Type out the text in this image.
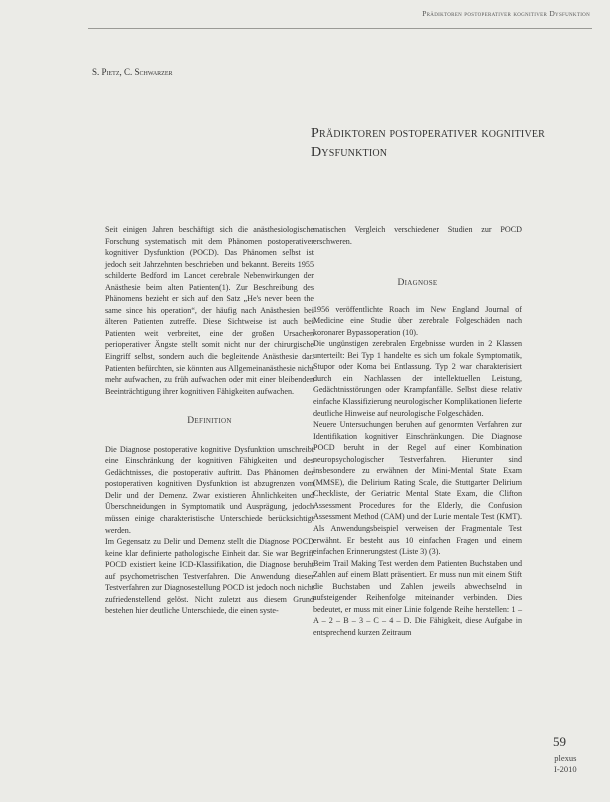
Prädiktoren postoperativer kognitiver Dysfunktion
S. Pietz, C. Schwarzer
Prädiktoren postoperativer kognitiver Dysfunktion

Seit einigen Jahren beschäftigt sich die anästhesiologische Forschung systematisch mit dem Phänomen postoperativer kognitiver Dysfunktion (POCD). Das Phänomen selbst ist jedoch seit Jahrzehnten beschrieben und bekannt. Bereits 1955 schilderte Bedford im Lancet cerebrale Nebenwirkungen der Anästhesie beim alten Patienten(1). Zur Beschreibung des Phänomens bezieht er sich auf den Satz „He's never been the same since his operation“, der häufig nach Anästhesien bei älteren Patienten zutreffe. Diese Sichtweise ist auch bei Patienten weit verbreitet, eine der großen Ursachen perioperativer Ängste stellt somit nicht nur der chirurgische Eingriff selbst, sondern auch die begleitende Anästhesie dar. Patienten befürchten, sie könnten aus Allgemeinanästhesie nicht mehr aufwachen, zu früh aufwachen oder mit einer bleibenden Beeinträchtigung ihrer kognitiven Fähigkeiten aufwachen.

Definition

Die Diagnose postoperative kognitive Dysfunktion umschreibt eine Einschränkung der kognitiven Fähigkeiten und des Gedächtnisses, die postoperativ auftritt. Das Phänomen der postoperativen kognitiven Dysfunktion ist abzugrenzen vom Delir und der Demenz. Zwar existieren Ähnlichkeiten und Überschneidungen in Symptomatik und Ausprägung, jedoch müssen einige charakteristische Unterschiede berücksichtigt werden.

Im Gegensatz zu Delir und Demenz stellt die Diagnose POCD keine klar definierte pathologische Einheit dar. Sie war Begriff POCD existiert keine ICD-Klassifikation, die Diagnose beruht auf psychometrischen Testverfahren. Die Anwendung dieser Testverfahren zur Diagnosestellung POCD ist jedoch noch nicht zufriedenstellend gelöst. Nicht zuletzt aus diesem Grund bestehen hier deutliche Unterschiede, die einen syste-

matischen Vergleich verschiedener Studien zur POCD erschweren.

Diagnose

1956 veröffentlichte Roach im New England Journal of Medicine eine Studie über zerebrale Folgeschäden nach koronarer Bypassoperation (10).

Die ungünstigen zerebralen Ergebnisse wurden in 2 Klassen unterteilt: Bei Typ 1 handelte es sich um fokale Symptomatik, Stupor oder Koma bei Entlassung. Typ 2 war charakterisiert durch ein Nachlassen der intellektuellen Leistung, Gedächtnisstörungen oder Krampfanfälle. Selbst diese relativ einfache Klassifizierung neurologischer Komplikationen lieferte deutliche Hinweise auf neurologische Folgeschäden.

Neuere Untersuchungen beruhen auf genormten Verfahren zur Identifikation kognitiver Einschränkungen. Die Diagnose POCD beruht in der Regel auf einer Kombination neuropsychologischer Testverfahren. Hierunter sind insbesondere zu erwähnen der Mini-Mental State Exam (MMSE), die Delirium Rating Scale, die Stuttgarter Delirium Checkliste, der Geriatric Mental State Exam, die Clifton Assessment Procedures for the Elderly, die Confusion Assessment Method (CAM) und der Lurie mentale Test (KMT). Als Anwendungsbeispiel verweisen der Fragmentale Test erwähnt. Er besteht aus 10 einfachen Fragen und einem einfachen Erinnerungstest (Liste 3) (3).

Beim Trail Making Test werden dem Patienten Buchstaben und Zahlen auf einem Blatt präsentiert. Er muss nun mit einem Stift die Buchstaben und Zahlen jeweils abwechselnd in aufsteigender Reihenfolge miteinander verbinden. Dies bedeutet, er muss mit einer Linie folgende Reihe herstellen: 1 – A – 2 – B – 3 – C – 4 – D. Die Fähigkeit, diese Aufgabe in entsprechend kurzen Zeitraum

59
plexus
I-2010
